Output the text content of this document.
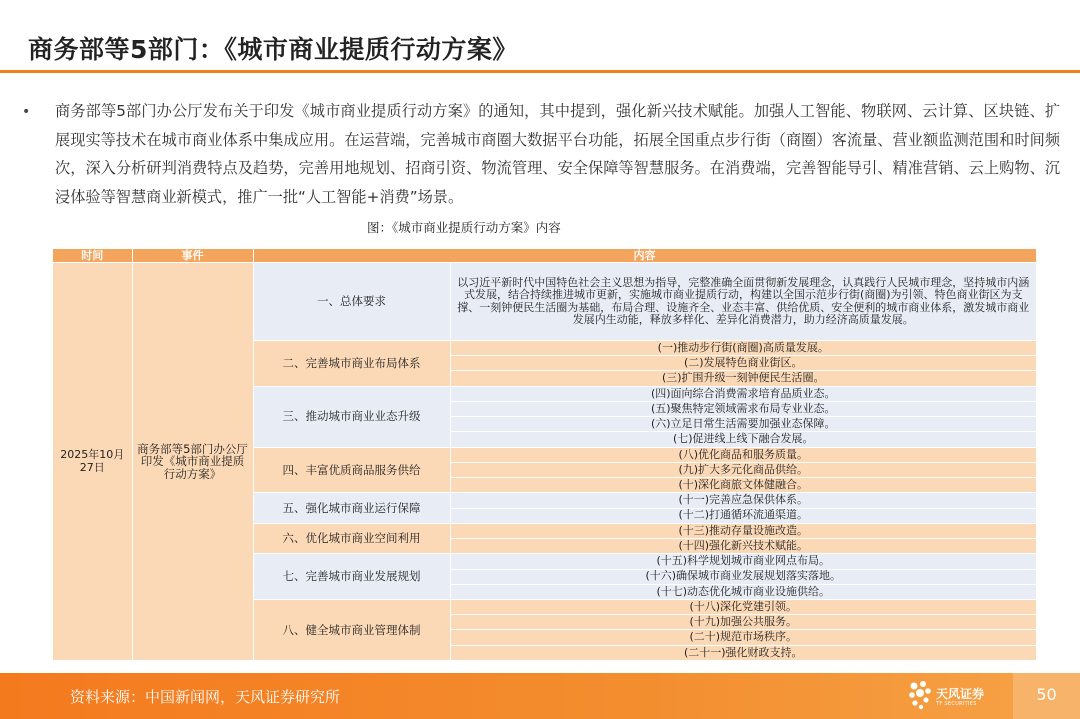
商务部等5部门：《城市商业提质行动方案》
• 商务部等5部门办公厅发布关于印发《城市商业提质行动方案》的通知，其中提到，强化新兴技术赋能。加强人工智能、物联网、云计算、区块链、扩展现实等技术在城市商业体系中集成应用。在运营端，完善城市商圈大数据平台功能，拓展全国重点步行街（商圈）客流量、营业额监测范围和时间频次，深入分析研判消费特点及趋势，完善用地规划、招商引资、物流管理、安全保障等智慧服务。在消费端，完善智能导引、精准营销、云上购物、沉浸体验等智慧商业新模式，推广一批“人工智能+消费”场景。
图：《城市商业提质行动方案》内容
时间	事件	内容	
2025年10月27日	商务部等5部门办公厅印发《城市商业提质行动方案》	一、总体要求	以习近平新时代中国特色社会主义思想为指导，完整准确全面贯彻新发展理念，认真践行人民城市理念，坚持城市内涵式发展，结合持续推进城市更新，实施城市商业提质行动，构建以全国示范步行街(商圈)为引领、特色商业街区为支撑、一刻钟便民生活圈为基础，布局合理、设施齐全、业态丰富、供给优质、安全便利的城市商业体系，激发城市商业发展内生动能，释放多样化、差异化消费潜力，助力经济高质量发展。
		二、完善城市商业布局体系	(一)推动步行街(商圈)高质量发展。
			(二)发展特色商业街区。
			(三)扩围升级一刻钟便民生活圈。
		三、推动城市商业业态升级	(四)面向综合消费需求培育品质业态。
			(五)聚焦特定领域需求布局专业业态。
			(六)立足日常生活需要加强业态保障。
			(七)促进线上线下融合发展。
		四、丰富优质商品服务供给	(八)优化商品和服务质量。
			(九)扩大多元化商品供给。
			(十)深化商旅文体健融合。
		五、强化城市商业运行保障	(十一)完善应急保供体系。
			(十二)打通循环流通渠道。
		六、优化城市商业空间利用	(十三)推动存量设施改造。
			(十四)强化新兴技术赋能。
		七、完善城市商业发展规划	(十五)科学规划城市商业网点布局。
			(十六)确保城市商业发展规划落实落地。
			(十七)动态优化城市商业设施供给。
		八、健全城市商业管理体制	(十八)深化党建引领。
			(十九)加强公共服务。
			(二十)规范市场秩序。
			(二十一)强化财政支持。
资料来源：中国新闻网，天风证券研究所	天风证券
TF SECURITIES	50
